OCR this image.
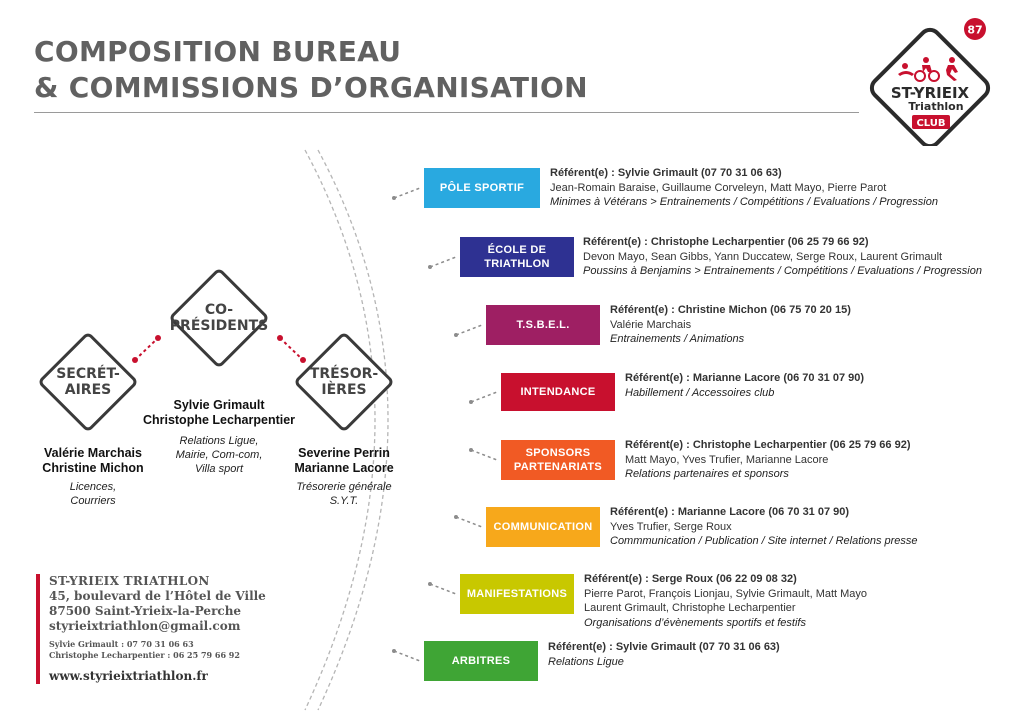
COMPOSITION BUREAU
& COMMISSIONS D’ORGANISATION
87
ST-YRIEIX
Triathlon
CLUB
CO-
PRÉSIDENTS
Sylvie Grimault
Christophe Lecharpentier
Relations Ligue,
Mairie, Com-com,
Villa sport
SECRÉT-
AIRES
Valérie Marchais
Christine Michon
Licences,
Courriers
TRÉSOR-
IÈRES
Severine Perrin
Marianne Lacore
Trésorerie générale
S.Y.T.
PÔLE SPORTIF
Référent(e) : Sylvie Grimault (07 70 31 06 63)
Jean-Romain Baraise, Guillaume Corveleyn, Matt Mayo, Pierre Parot
Minimes à Vétérans > Entrainements / Compétitions / Evaluations / Progression
ÉCOLE DE
TRIATHLON
Référent(e) : Christophe Lecharpentier (06 25 79 66 92)
Devon Mayo, Sean Gibbs, Yann Duccatew, Serge Roux, Laurent Grimault
Poussins à Benjamins > Entrainements / Compétitions / Evaluations / Progression
T.S.B.E.L.
Référent(e) : Christine Michon (06 75 70 20 15)
Valérie Marchais
Entrainements / Animations
INTENDANCE
Référent(e) : Marianne Lacore (06 70 31 07 90)
Habillement / Accessoires club
SPONSORS
PARTENARIATS
Référent(e) : Christophe Lecharpentier (06 25 79 66 92)
Matt Mayo, Yves Trufier, Marianne Lacore
Relations partenaires et sponsors
COMMUNICATION
Référent(e) : Marianne Lacore (06 70 31 07 90)
Yves Trufier, Serge Roux
Commmunication / Publication / Site internet / Relations presse
MANIFESTATIONS
Référent(e) : Serge Roux (06 22 09 08 32)
Pierre Parot, François Lionjau, Sylvie Grimault, Matt Mayo
Laurent Grimault, Christophe Lecharpentier
Organisations d’évènements sportifs et festifs
ARBITRES
Référent(e) : Sylvie Grimault (07 70 31 06 63)
Relations Ligue
ST-YRIEIX TRIATHLON
45, boulevard de l’Hôtel de Ville
87500 Saint-Yrieix-la-Perche
styrieixtriathlon@gmail.com
Sylvie Grimault : 07 70 31 06 63
Christophe Lecharpentier : 06 25 79 66 92
www.styrieixtriathlon.fr
